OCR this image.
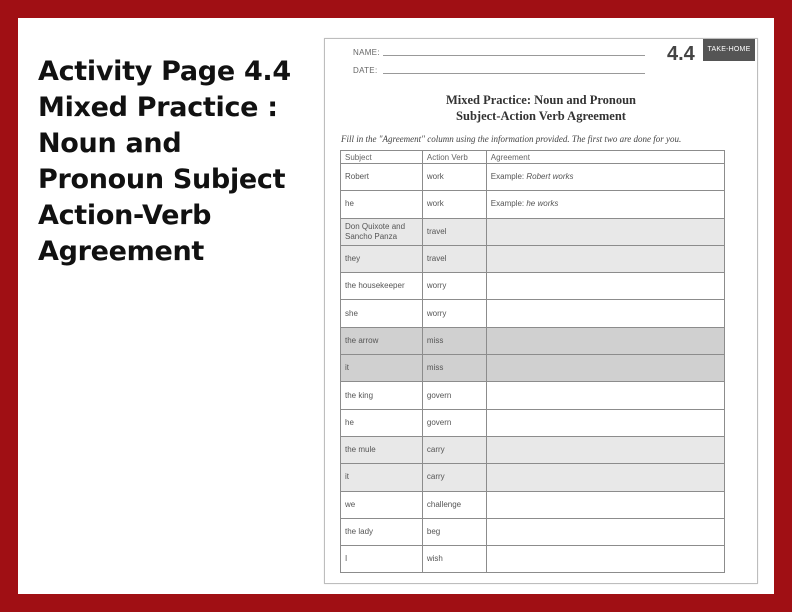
Activity Page 4.4
Mixed Practice :
Noun and
Pronoun Subject
Action-Verb
Agreement
NAME:
DATE:
4.4	TAKE-HOME
Mixed Practice: Noun and Pronoun
Subject-Action Verb Agreement
Fill in the "Agreement" column using the information provided. The first two are done for you.
Subject	Action Verb	Agreement
Robert	work	Example: Robert works
he	work	Example: he works
Don Quixote and Sancho Panza	travel	
they	travel	
the housekeeper	worry	
she	worry	
the arrow	miss	
it	miss	
the king	govern	
he	govern	
the mule	carry	
it	carry	
we	challenge	
the lady	beg	
I	wish	
